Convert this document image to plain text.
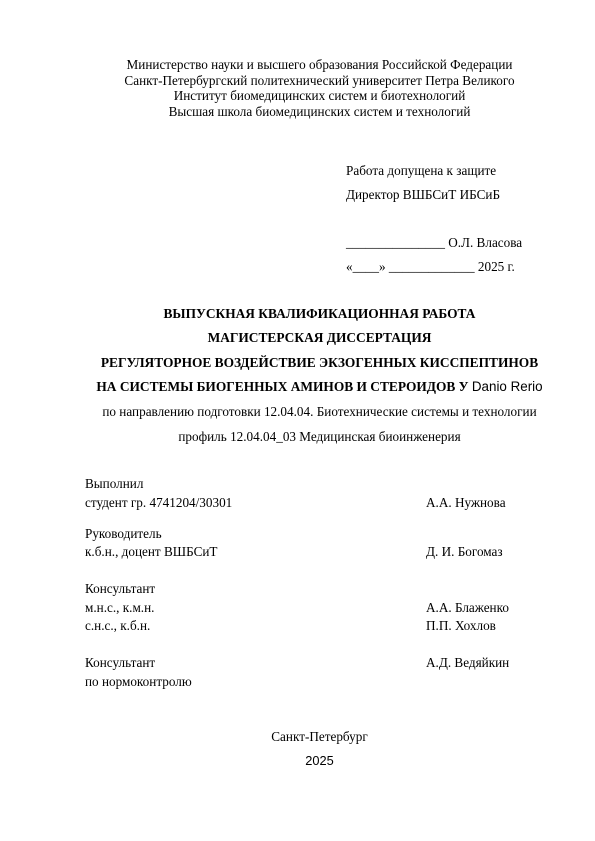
Министерство науки и высшего образования Российской Федерации
Санкт-Петербургский политехнический университет Петра Великого
Институт биомедицинских систем и биотехнологий
Высшая школа биомедицинских систем и технологий
Работа допущена к защите
Директор ВШБСиТ ИБСиБ
_______________ О.Л. Власова
«____» _____________ 2025 г.
ВЫПУСКНАЯ КВАЛИФИКАЦИОННАЯ РАБОТА
МАГИСТЕРСКАЯ ДИССЕРТАЦИЯ
РЕГУЛЯТОРНОЕ ВОЗДЕЙСТВИЕ ЭКЗОГЕННЫХ КИССПЕПТИНОВ
НА СИСТЕМЫ БИОГЕННЫХ АМИНОВ И СТЕРОИДОВ У Danio Rerio
по направлению подготовки 12.04.04. Биотехнические системы и технологии
профиль 12.04.04_03 Медицинская биоинженерия
Выполнил
студент гр. 4741204/30301	А.А. Нужнова
Руководитель
к.б.н., доцент ВШБСиТ	Д. И. Богомаз
Консультант
м.н.с., к.м.н.	А.А. Блаженко
с.н.с., к.б.н.	П.П. Хохлов
Консультант	А.Д. Ведяйкин
по нормоконтролю
Санкт-Петербург
2025
